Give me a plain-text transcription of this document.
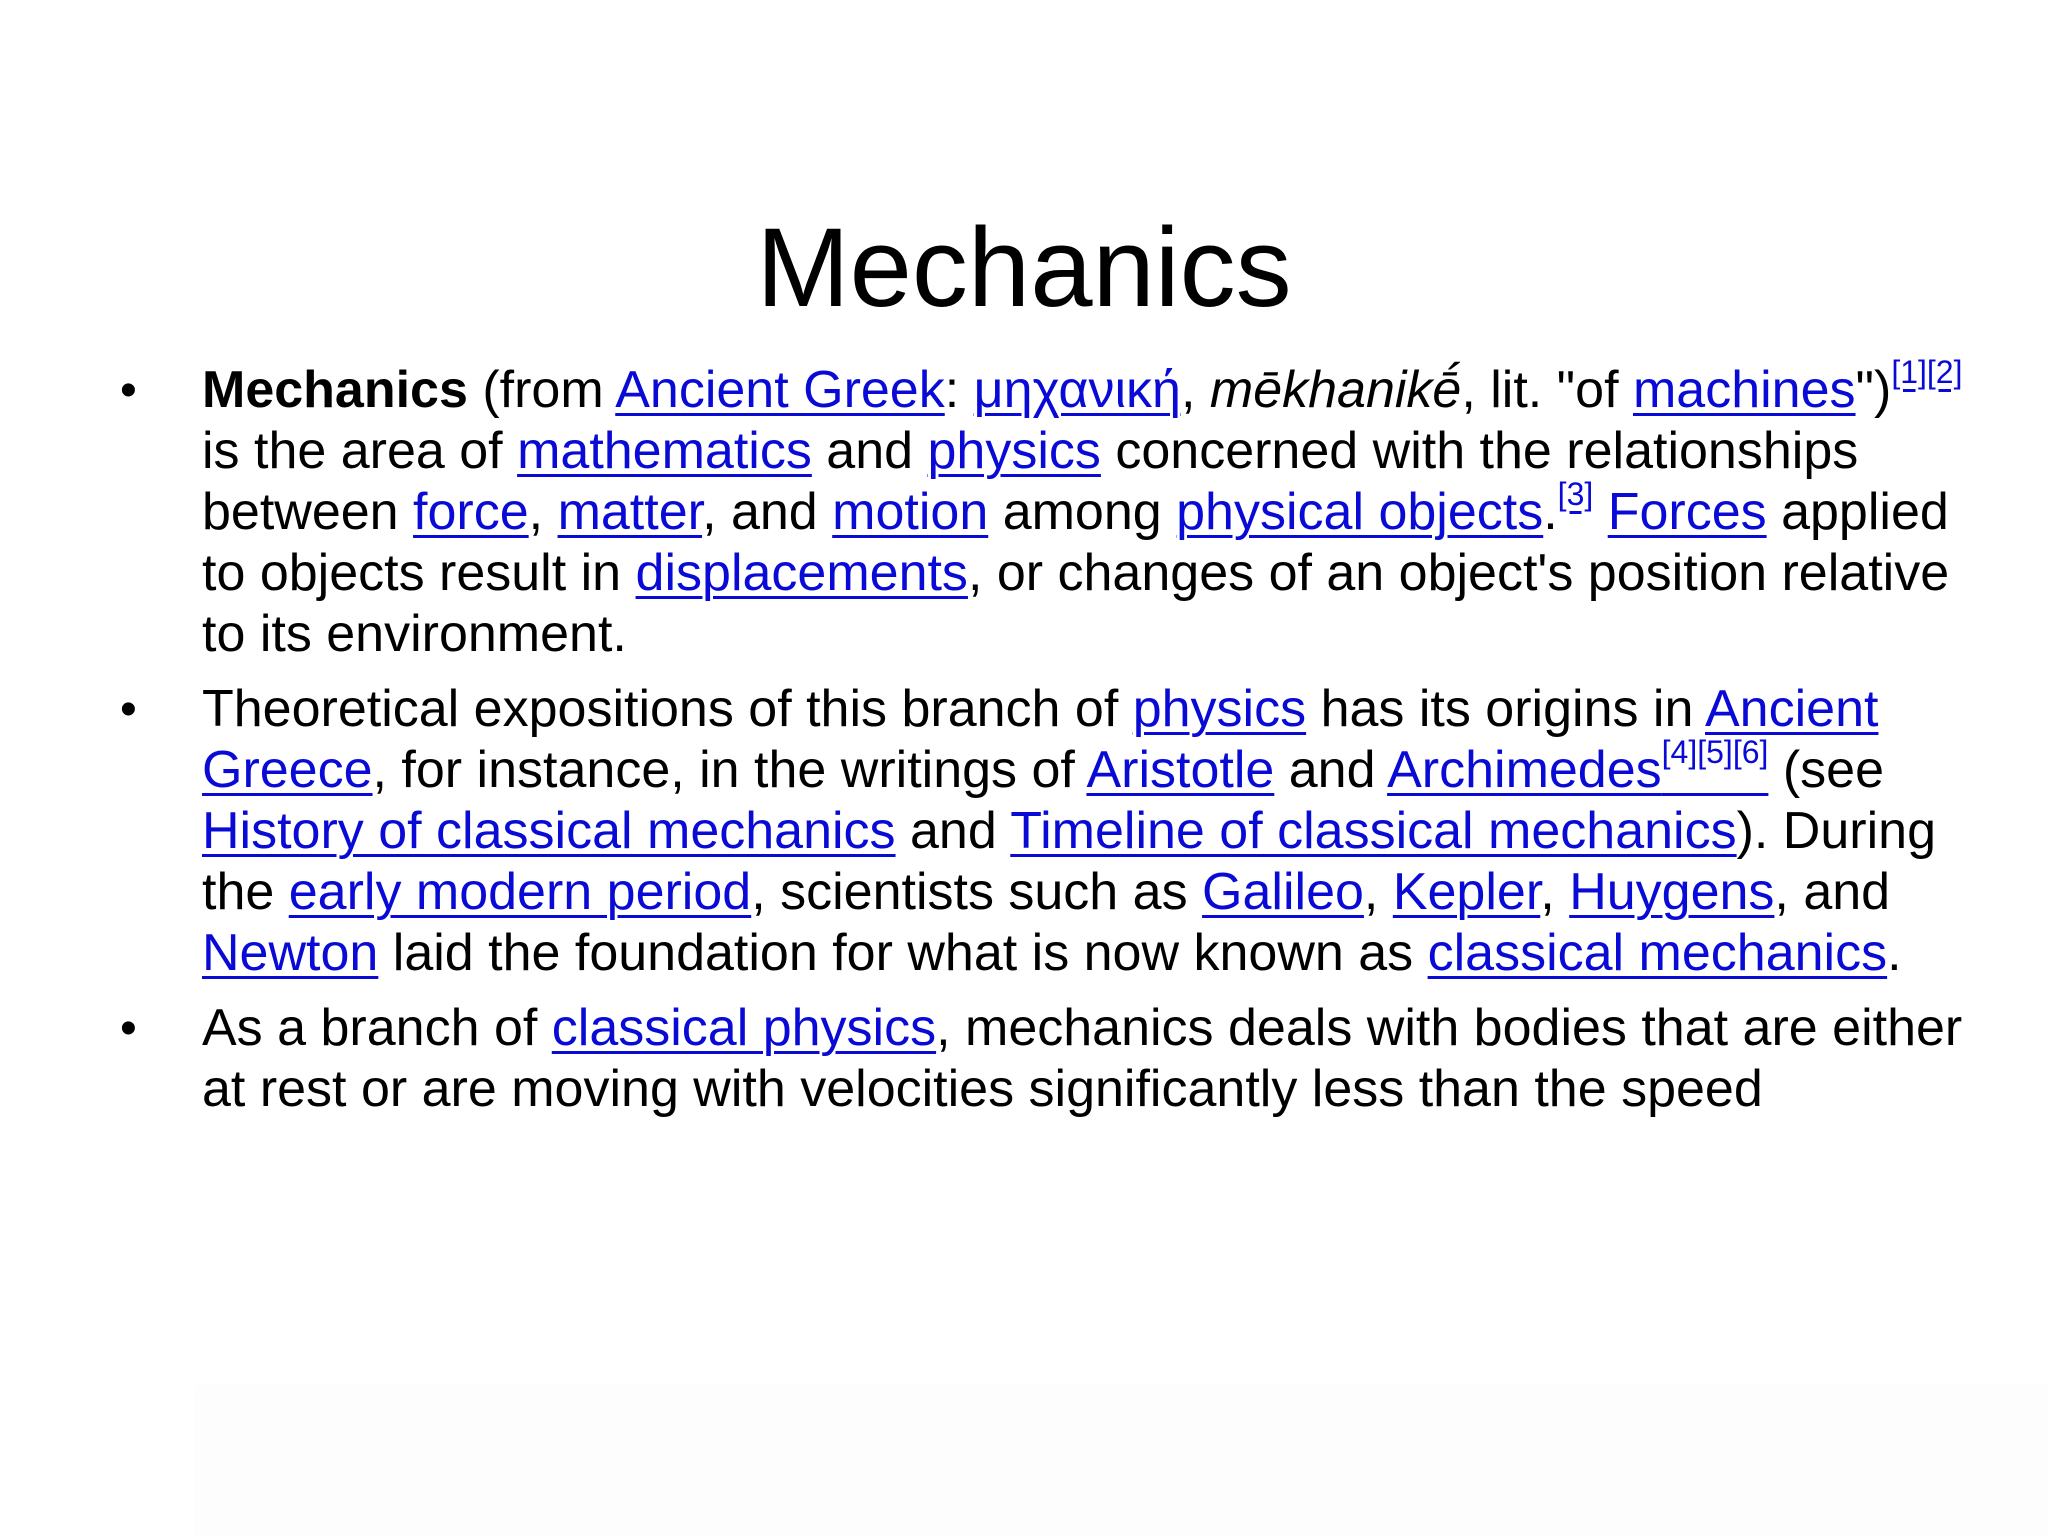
Mechanics
•	Mechanics (from Ancient Greek: μηχανική, mēkhanikḗ, lit. "of machines")[1][2] is the area of mathematics and physics concerned with the relationships between force, matter, and motion among physical objects.[3] Forces applied to objects result in displacements, or changes of an object's position relative to its environment.
•	Theoretical expositions of this branch of physics has its origins in Ancient Greece, for instance, in the writings of Aristotle and Archimedes[4][5][6] (see History of classical mechanics and Timeline of classical mechanics). During the early modern period, scientists such as Galileo, Kepler, Huygens, and Newton laid the foundation for what is now known as classical mechanics.
•	As a branch of classical physics, mechanics deals with bodies that are either at rest or are moving with velocities significantly less than the speed
